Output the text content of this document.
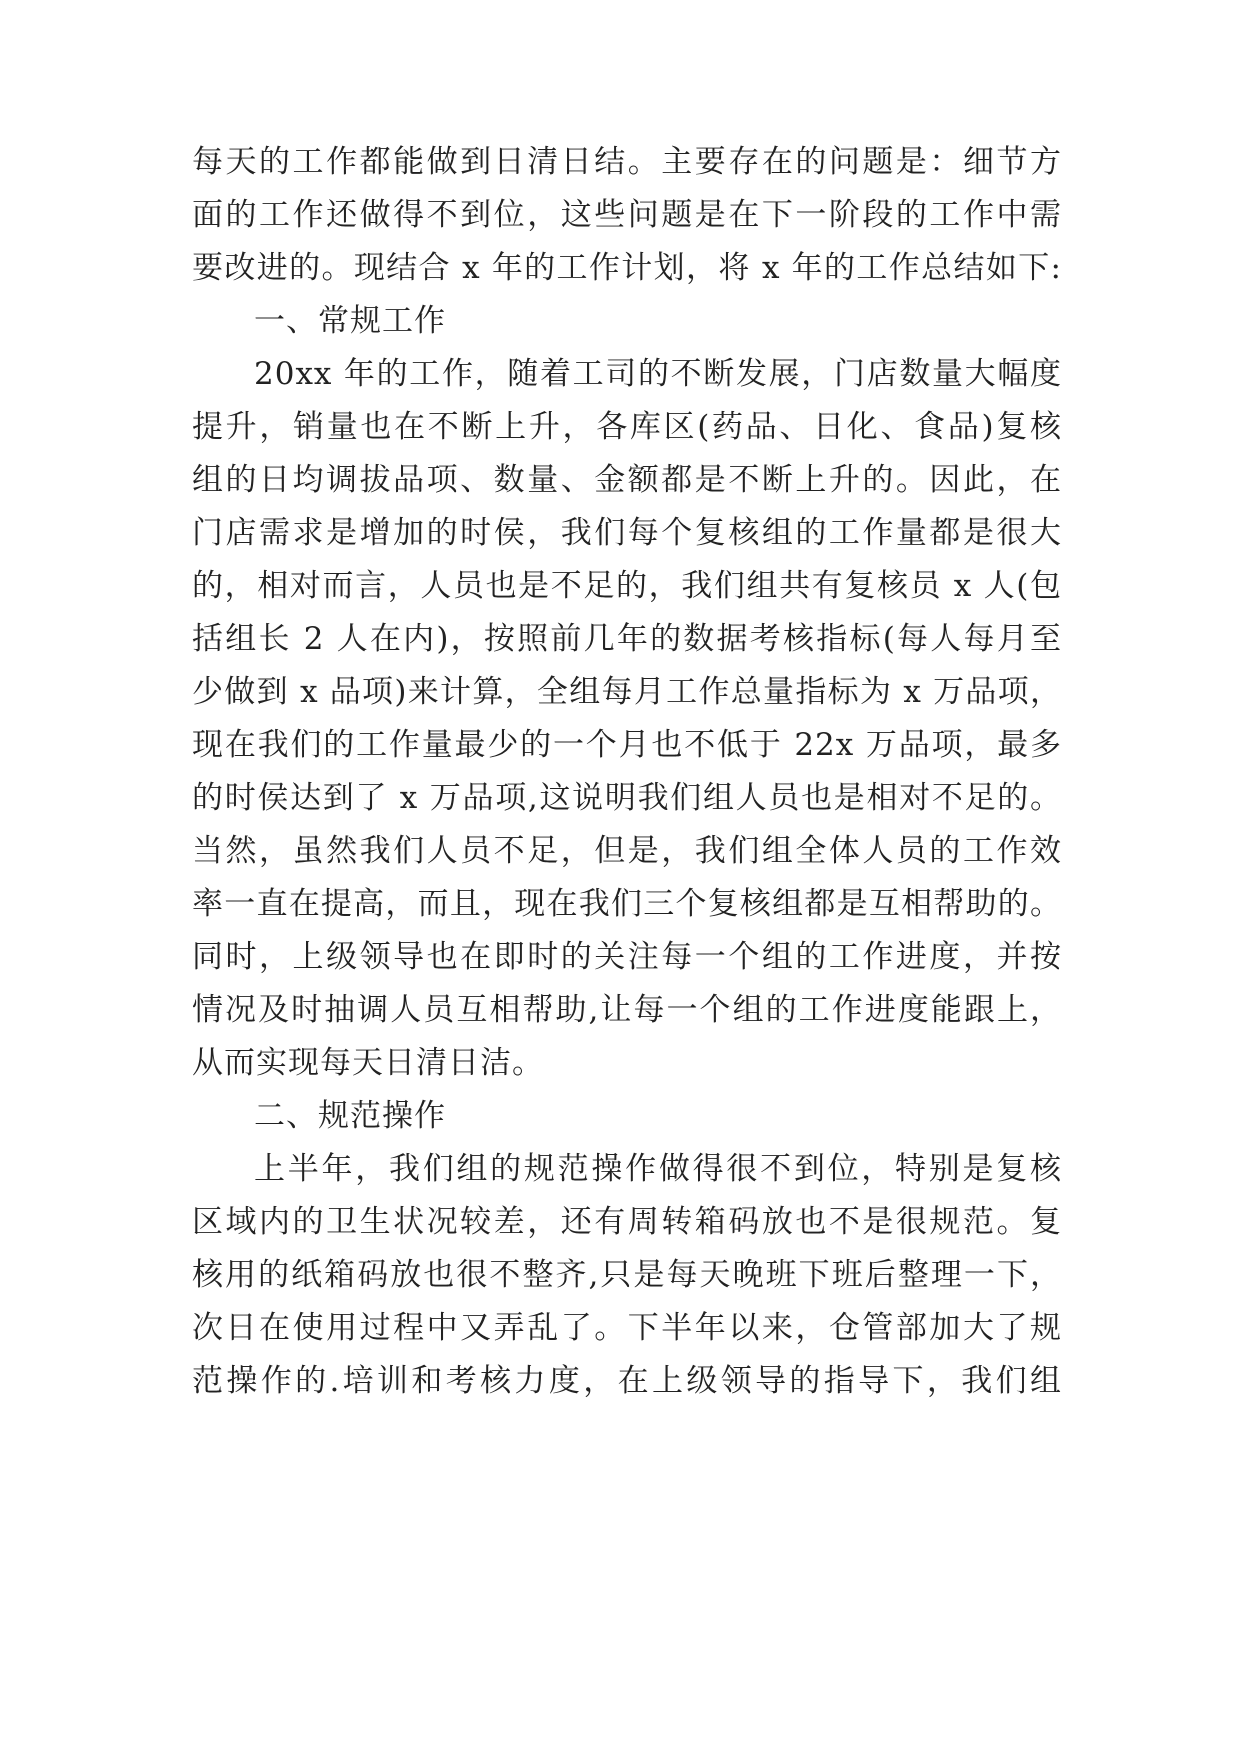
每天的工作都能做到日清日结。主要存在的问题是：细节方
面的工作还做得不到位，这些问题是在下一阶段的工作中需
要改进的。现结合 x 年的工作计划，将 x 年的工作总结如下:
一、常规工作
20xx 年的工作，随着工司的不断发展，门店数量大幅度
提升，销量也在不断上升，各库区(药品、日化、食品)复核
组的日均调拔品项、数量、金额都是不断上升的。因此，在
门店需求是增加的时侯，我们每个复核组的工作量都是很大
的，相对而言，人员也是不足的，我们组共有复核员 x 人(包
括组长 2 人在内)，按照前几年的数据考核指标(每人每月至
少做到 x 品项)来计算，全组每月工作总量指标为 x 万品项，
现在我们的工作量最少的一个月也不低于 22x 万品项，最多
的时侯达到了 x 万品项,这说明我们组人员也是相对不足的。
当然，虽然我们人员不足，但是，我们组全体人员的工作效
率一直在提高，而且，现在我们三个复核组都是互相帮助的。
同时，上级领导也在即时的关注每一个组的工作进度，并按
情况及时抽调人员互相帮助,让每一个组的工作进度能跟上，
从而实现每天日清日洁。
二、规范操作
上半年，我们组的规范操作做得很不到位，特别是复核
区域内的卫生状况较差，还有周转箱码放也不是很规范。复
核用的纸箱码放也很不整齐,只是每天晚班下班后整理一下，
次日在使用过程中又弄乱了。下半年以来，仓管部加大了规
范操作的.培训和考核力度，在上级领导的指导下，我们组
